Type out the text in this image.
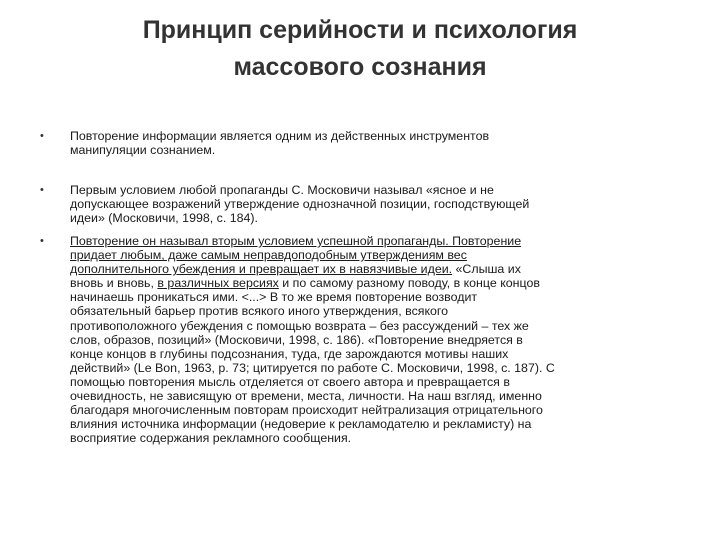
Принцип серийности и психология
массового сознания
• Повторение информации является одним из действенных инструментов
манипуляции сознанием.
• Первым условием любой пропаганды С. Московичи называл «ясное и не
допускающее возражений утверждение однозначной позиции, господствующей
идеи» (Московичи, 1998, с. 184).
• Повторение он называл вторым условием успешной пропаганды. Повторение
придает любым, даже самым неправдоподобным утверждениям вес
дополнительного убеждения и превращает их в навязчивые идеи. «Слыша их
вновь и вновь, в различных версиях и по самому разному поводу, в конце концов
начинаешь проникаться ими. <...> В то же время повторение возводит
обязательный барьер против всякого иного утверждения, всякого
противоположного убеждения с помощью возврата – без рассуждений – тех же
слов, образов, позиций» (Московичи, 1998, с. 186). «Повторение внедряется в
конце концов в глубины подсознания, туда, где зарождаются мотивы наших
действий» (Le Bon, 1963, p. 73; цитируется по работе С. Московичи, 1998, с. 187). С
помощью повторения мысль отделяется от своего автора и превращается в
очевидность, не зависящую от времени, места, личности. На наш взгляд, именно
благодаря многочисленным повторам происходит нейтрализация отрицательного
влияния источника информации (недоверие к рекламодателю и рекламисту) на
восприятие содержания рекламного сообщения.
